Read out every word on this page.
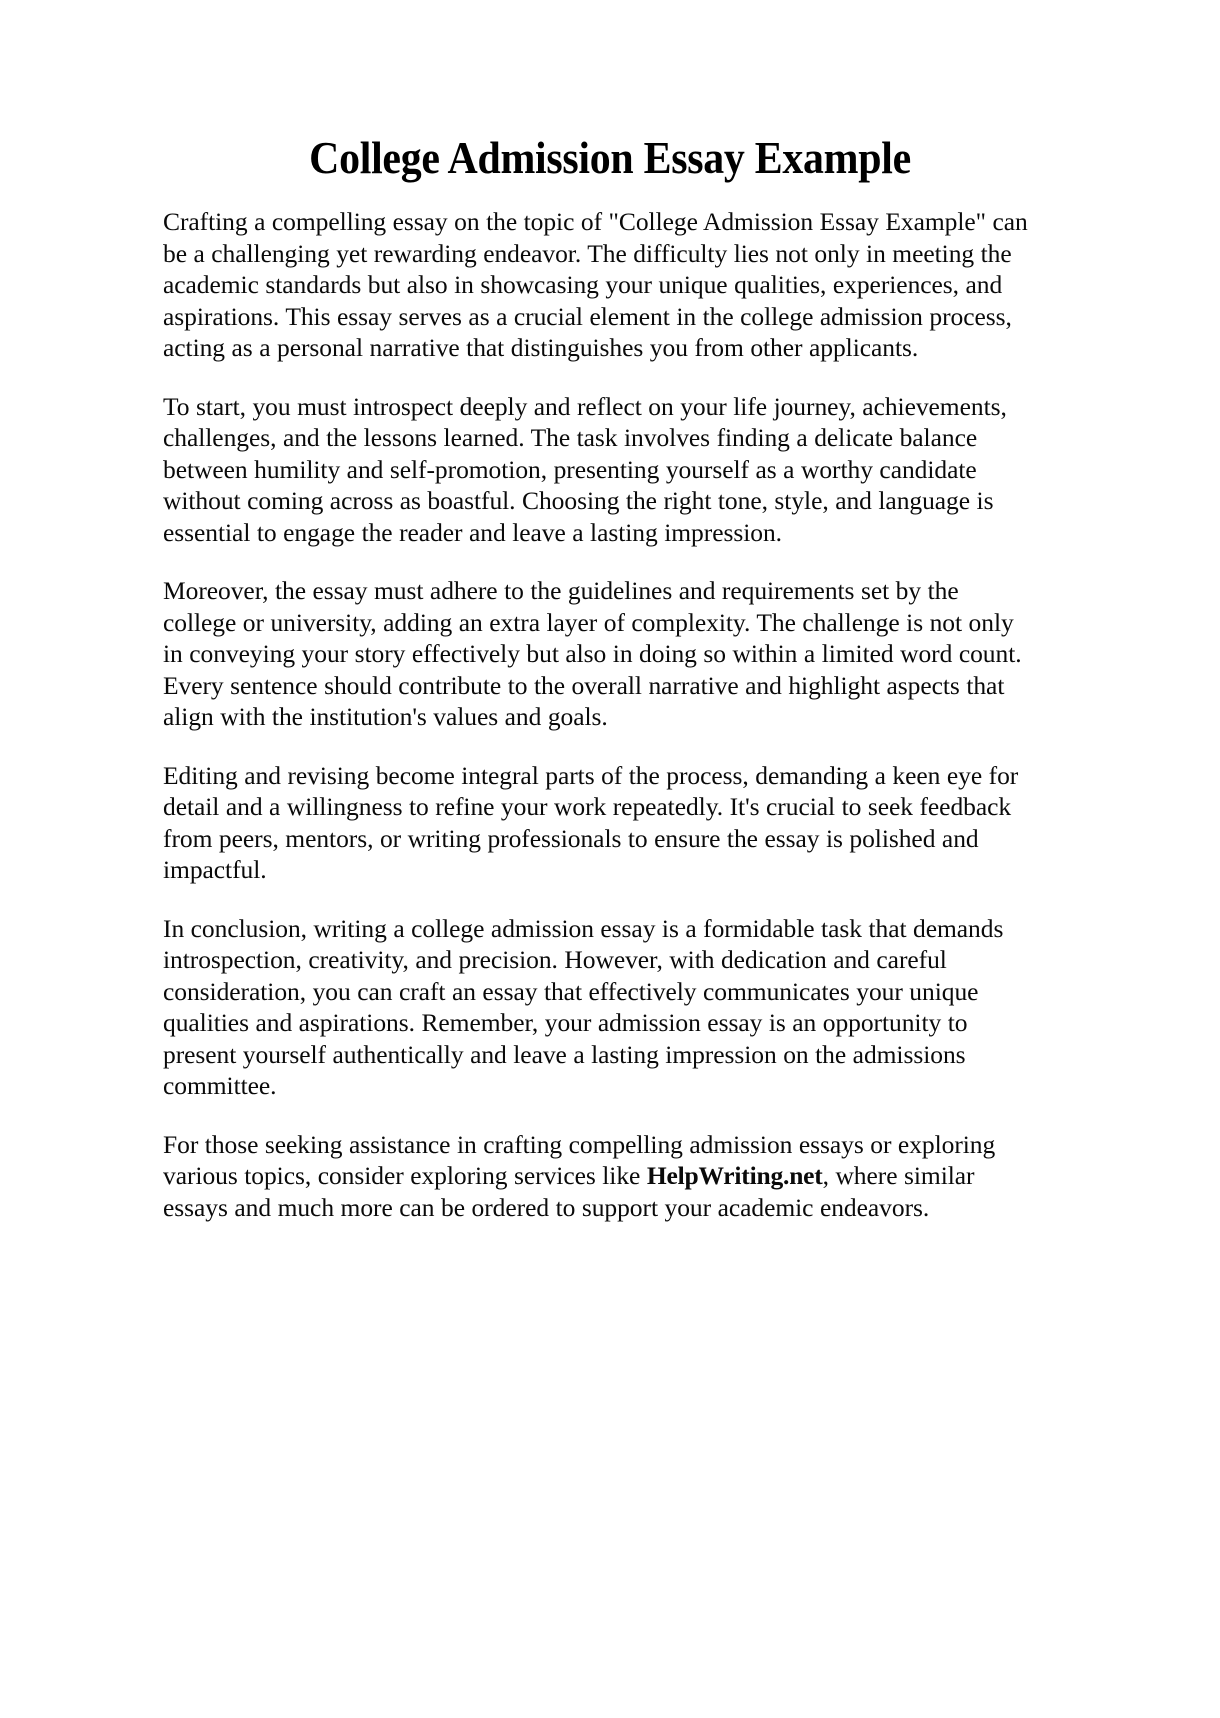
College Admission Essay Example

Crafting a compelling essay on the topic of "College Admission Essay Example" can be a challenging yet rewarding endeavor. The difficulty lies not only in meeting the academic standards but also in showcasing your unique qualities, experiences, and aspirations. This essay serves as a crucial element in the college admission process, acting as a personal narrative that distinguishes you from other applicants.

To start, you must introspect deeply and reflect on your life journey, achievements, challenges, and the lessons learned. The task involves finding a delicate balance between humility and self-promotion, presenting yourself as a worthy candidate without coming across as boastful. Choosing the right tone, style, and language is essential to engage the reader and leave a lasting impression.

Moreover, the essay must adhere to the guidelines and requirements set by the college or university, adding an extra layer of complexity. The challenge is not only in conveying your story effectively but also in doing so within a limited word count. Every sentence should contribute to the overall narrative and highlight aspects that align with the institution's values and goals.

Editing and revising become integral parts of the process, demanding a keen eye for detail and a willingness to refine your work repeatedly. It's crucial to seek feedback from peers, mentors, or writing professionals to ensure the essay is polished and impactful.

In conclusion, writing a college admission essay is a formidable task that demands introspection, creativity, and precision. However, with dedication and careful consideration, you can craft an essay that effectively communicates your unique qualities and aspirations. Remember, your admission essay is an opportunity to present yourself authentically and leave a lasting impression on the admissions committee.

For those seeking assistance in crafting compelling admission essays or exploring various topics, consider exploring services like HelpWriting.net, where similar essays and much more can be ordered to support your academic endeavors.
